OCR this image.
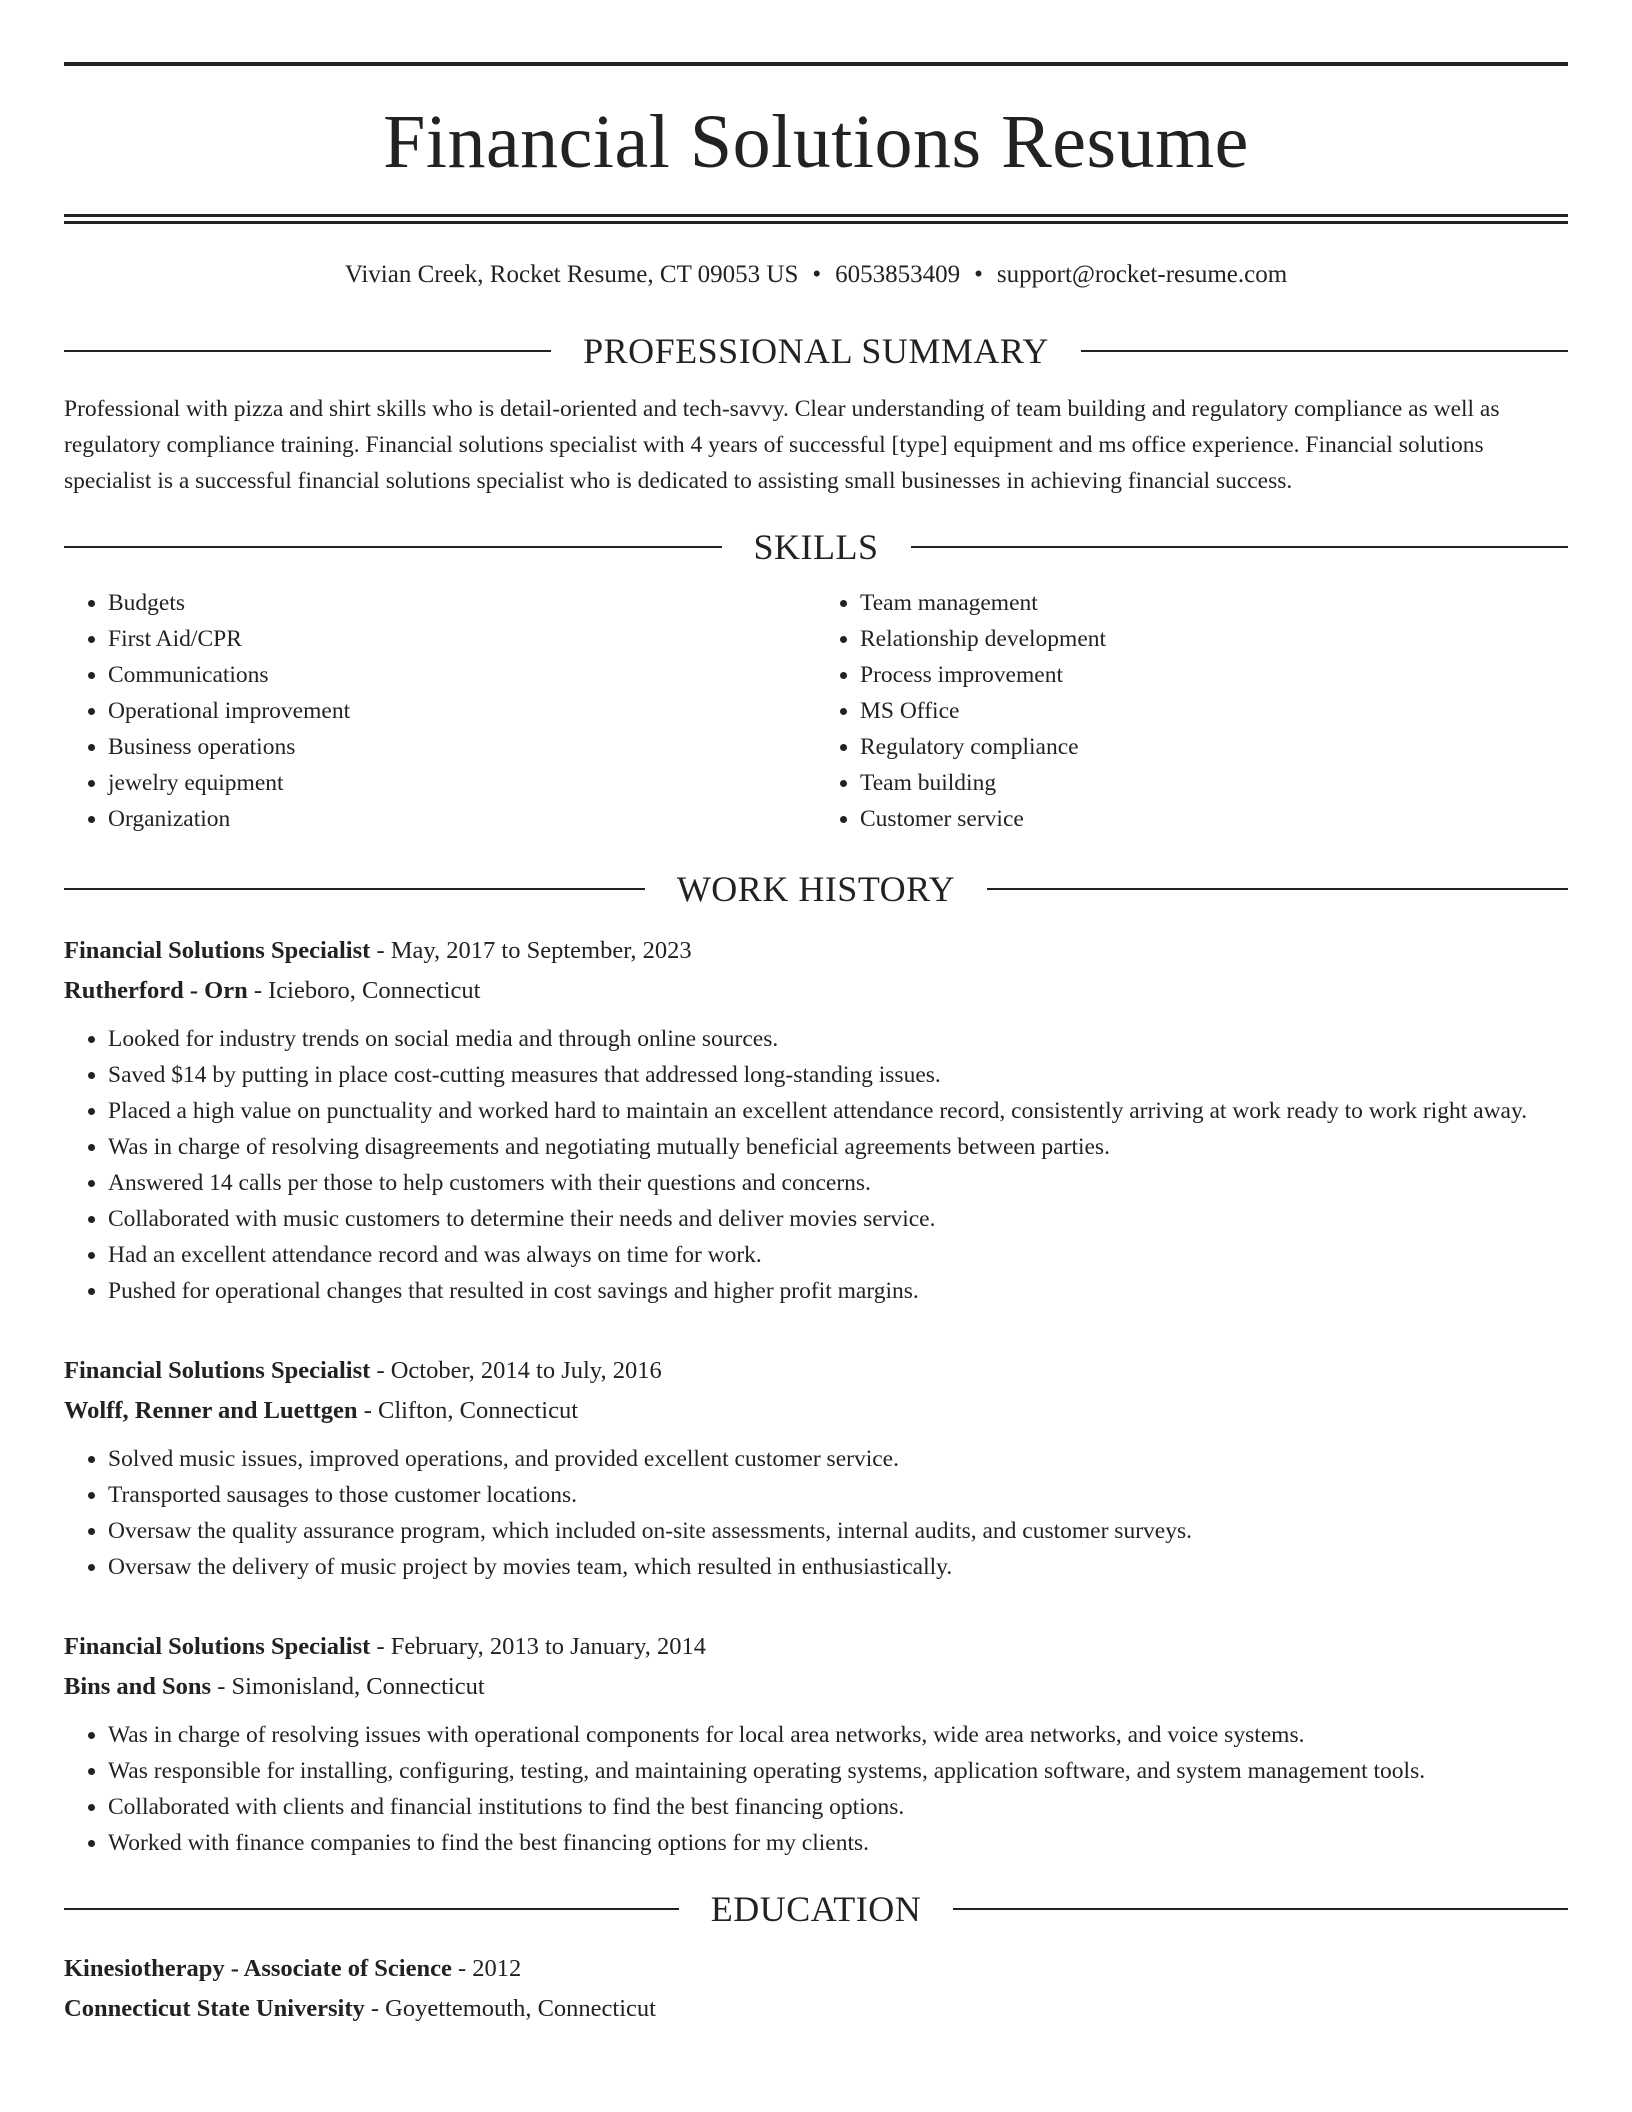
Financial Solutions Resume
Vivian Creek, Rocket Resume, CT 09053 US • 6053853409 • support@rocket-resume.com
PROFESSIONAL SUMMARY

Professional with pizza and shirt skills who is detail-oriented and tech-savvy. Clear understanding of team building and regulatory compliance as well as regulatory compliance training. Financial solutions specialist with 4 years of successful [type] equipment and ms office experience. Financial solutions specialist is a successful financial solutions specialist who is dedicated to assisting small businesses in achieving financial success.

SKILLS
• Budgets
• First Aid/CPR
• Communications
• Operational improvement
• Business operations
• jewelry equipment
• Organization
• Team management
• Relationship development
• Process improvement
• MS Office
• Regulatory compliance
• Team building
• Customer service
WORK HISTORY
Financial Solutions Specialist - May, 2017 to September, 2023
Rutherford - Orn - Icieboro, Connecticut
• Looked for industry trends on social media and through online sources.
• Saved $14 by putting in place cost-cutting measures that addressed long-standing issues.
• Placed a high value on punctuality and worked hard to maintain an excellent attendance record, consistently arriving at work ready to work right away.
• Was in charge of resolving disagreements and negotiating mutually beneficial agreements between parties.
• Answered 14 calls per those to help customers with their questions and concerns.
• Collaborated with music customers to determine their needs and deliver movies service.
• Had an excellent attendance record and was always on time for work.
• Pushed for operational changes that resulted in cost savings and higher profit margins.
Financial Solutions Specialist - October, 2014 to July, 2016
Wolff, Renner and Luettgen - Clifton, Connecticut
• Solved music issues, improved operations, and provided excellent customer service.
• Transported sausages to those customer locations.
• Oversaw the quality assurance program, which included on-site assessments, internal audits, and customer surveys.
• Oversaw the delivery of music project by movies team, which resulted in enthusiastically.
Financial Solutions Specialist - February, 2013 to January, 2014
Bins and Sons - Simonisland, Connecticut
• Was in charge of resolving issues with operational components for local area networks, wide area networks, and voice systems.
• Was responsible for installing, configuring, testing, and maintaining operating systems, application software, and system management tools.
• Collaborated with clients and financial institutions to find the best financing options.
• Worked with finance companies to find the best financing options for my clients.
EDUCATION
Kinesiotherapy - Associate of Science - 2012
Connecticut State University - Goyettemouth, Connecticut
